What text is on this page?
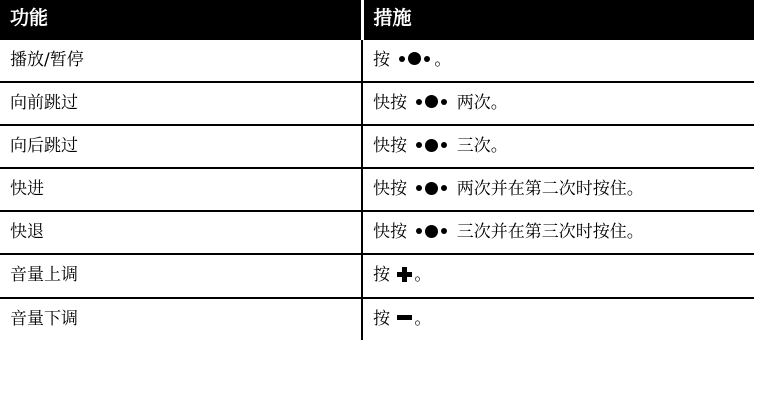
功能	措施
播放/暂停	按 。
向前跳过	快按  两次。
向后跳过	快按  三次。
快进	快按  两次并在第二次时按住。
快退	快按  三次并在第三次时按住。
音量上调	按 。
音量下调	按 。
